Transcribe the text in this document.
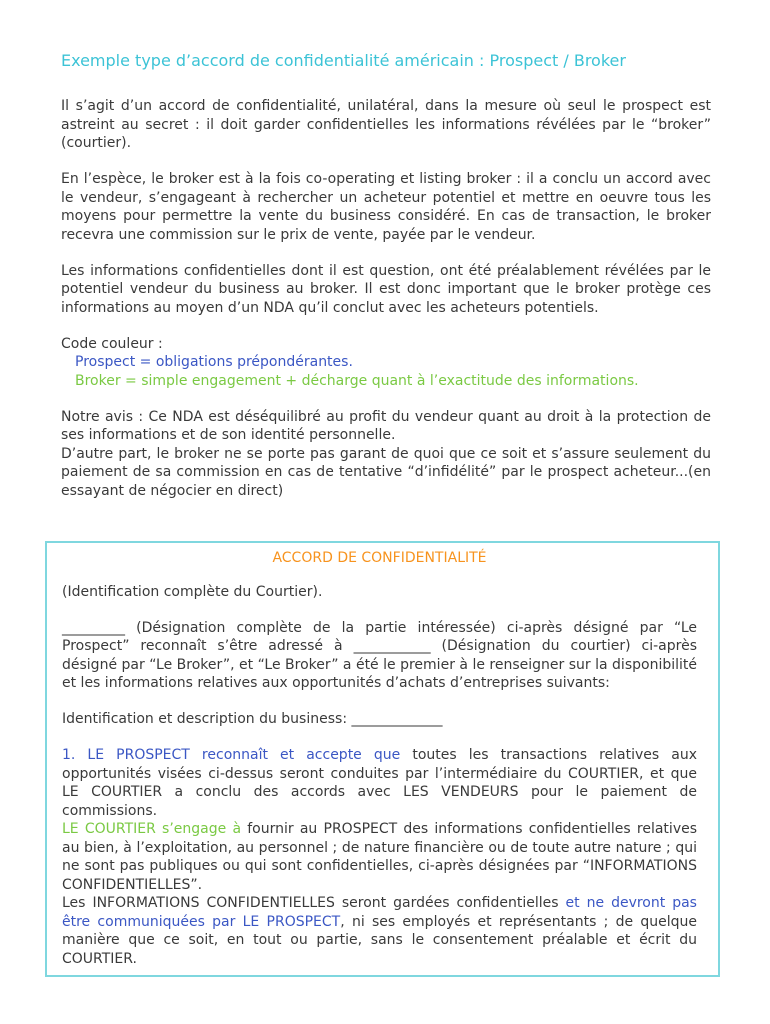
Exemple type d’accord de confidentialité américain : Prospect / Broker

Il s’agit d’un accord de confidentialité, unilatéral, dans la mesure où seul le prospect est astreint au secret : il doit garder confidentielles les informations révélées par le “broker” (courtier).

En l’espèce, le broker est à la fois co-operating et listing broker : il a conclu un accord avec le vendeur, s’engageant à rechercher un acheteur potentiel et mettre en oeuvre tous les moyens pour permettre la vente du business considéré. En cas de transaction, le broker recevra une commission sur le prix de vente, payée par le vendeur.

Les informations confidentielles dont il est question, ont été préalablement révélées par le potentiel vendeur du business au broker. Il est donc important que le broker protège ces informations au moyen d’un NDA qu’il conclut avec les acheteurs potentiels.

Code couleur :
Prospect = obligations prépondérantes.
Broker = simple engagement + décharge quant à l’exactitude des informations.

Notre avis : Ce NDA est déséquilibré au profit du vendeur quant au droit à la protection de ses informations et de son identité personnelle.

D’autre part, le broker ne se porte pas garant de quoi que ce soit et s’assure seulement du paiement de sa commission en cas de tentative “d’infidélité” par le prospect acheteur...(en essayant de négocier en direct)

ACCORD DE CONFIDENTIALITÉ

(Identification complète du Courtier).

_________ (Désignation complète de la partie intéressée) ci-après désigné par “Le Prospect” reconnaît s’être adressé à ___________ (Désignation du courtier) ci-après désigné par “Le Broker”, et “Le Broker” a été le premier à le renseigner sur la disponibilité et les informations relatives aux opportunités d’achats d’entreprises suivants:

Identification et description du business: _____________

1. LE PROSPECT reconnaît et accepte que toutes les transactions relatives aux opportunités visées ci-dessus seront conduites par l’intermédiaire du COURTIER, et que LE COURTIER a conclu des accords avec LES VENDEURS pour le paiement de commissions.

LE COURTIER s’engage à fournir au PROSPECT des informations confidentielles relatives au bien, à l’exploitation, au personnel ; de nature financière ou de toute autre nature ; qui ne sont pas publiques ou qui sont confidentielles, ci-après désignées par “INFORMATIONS CONFIDENTIELLES”.

Les INFORMATIONS CONFIDENTIELLES seront gardées confidentielles et ne devront pas être communiquées par LE PROSPECT, ni ses employés et représentants ; de quelque manière que ce soit, en tout ou partie, sans le consentement préalable et écrit du COURTIER.
